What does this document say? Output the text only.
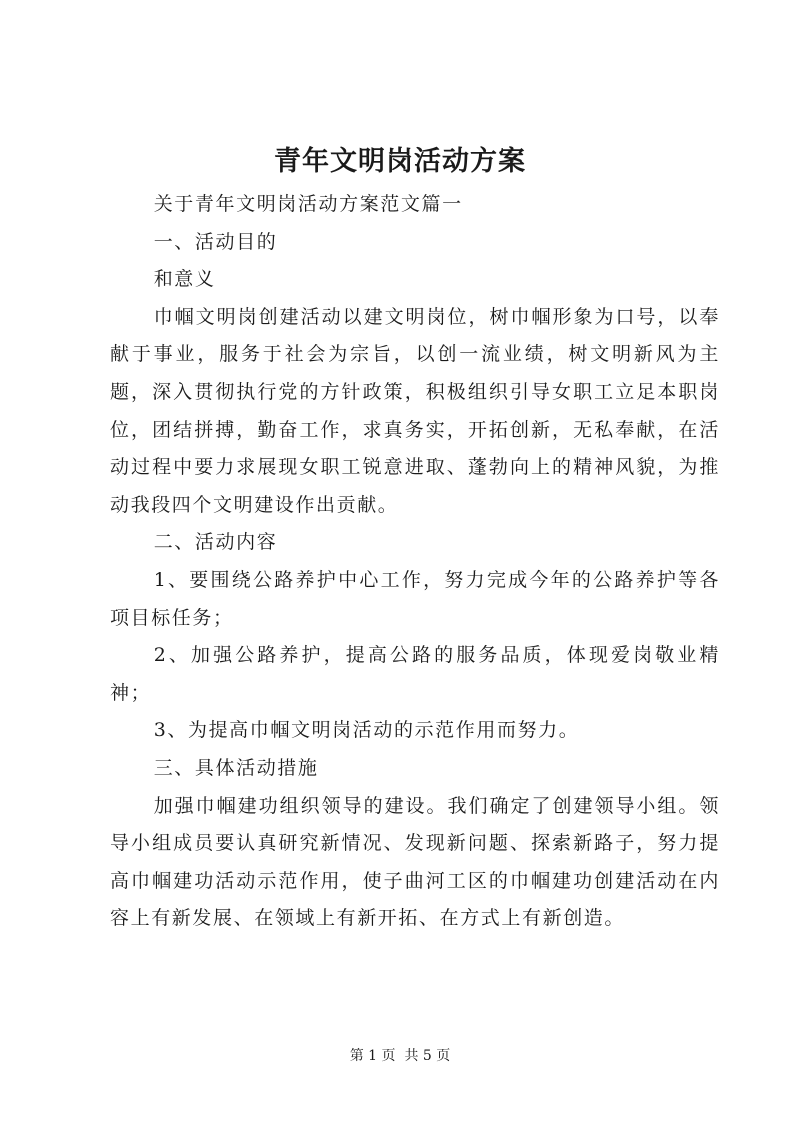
青年文明岗活动方案

关于青年文明岗活动方案范文篇一

一、活动目的

和意义

巾帼文明岗创建活动以建文明岗位，树巾帼形象为口号，以奉献于事业，服务于社会为宗旨，以创一流业绩，树文明新风为主题，深入贯彻执行党的方针政策，积极组织引导女职工立足本职岗位，团结拼搏，勤奋工作，求真务实，开拓创新，无私奉献，在活动过程中要力求展现女职工锐意进取、蓬勃向上的精神风貌，为推动我段四个文明建设作出贡献。

二、活动内容

1、要围绕公路养护中心工作，努力完成今年的公路养护等各项目标任务；

2、加强公路养护，提高公路的服务品质，体现爱岗敬业精神；

3、为提高巾帼文明岗活动的示范作用而努力。

三、具体活动措施

加强巾帼建功组织领导的建设。我们确定了创建领导小组。领导小组成员要认真研究新情况、发现新问题、探索新路子，努力提高巾帼建功活动示范作用，使子曲河工区的巾帼建功创建活动在内容上有新发展、在领域上有新开拓、在方式上有新创造。

第 1 页  共 5 页
